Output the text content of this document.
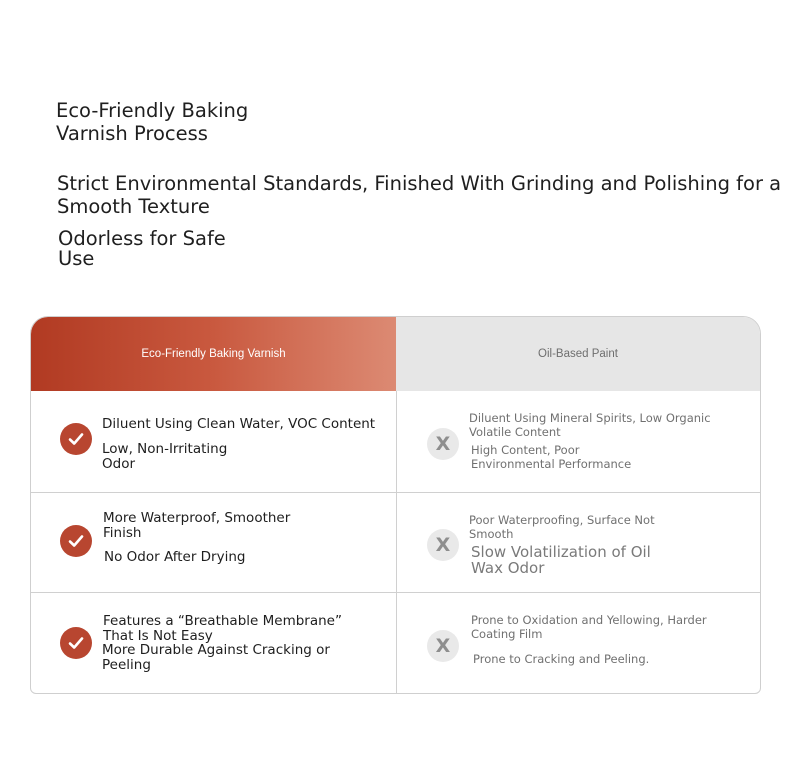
Eco-Friendly Baking Varnish Process
Strict Environmental Standards, Finished With Grinding and Polishing for a Smooth Texture
Odorless for Safe Use
Eco-Friendly Baking Varnish	Oil-Based Paint
Diluent Using Clean Water, VOC Content
Low, Non-Irritating Odor
X
Diluent Using Mineral Spirits, Low Organic Volatile Content
High Content, Poor Environmental Performance
More Waterproof, Smoother Finish
No Odor After Drying
X
Poor Waterproofing, Surface Not Smooth
Slow Volatilization of Oil Wax Odor
Features a “Breathable Membrane” That Is Not Easy
More Durable Against Cracking or Peeling
X
Prone to Oxidation and Yellowing, Harder Coating Film
Prone to Cracking and Peeling.
